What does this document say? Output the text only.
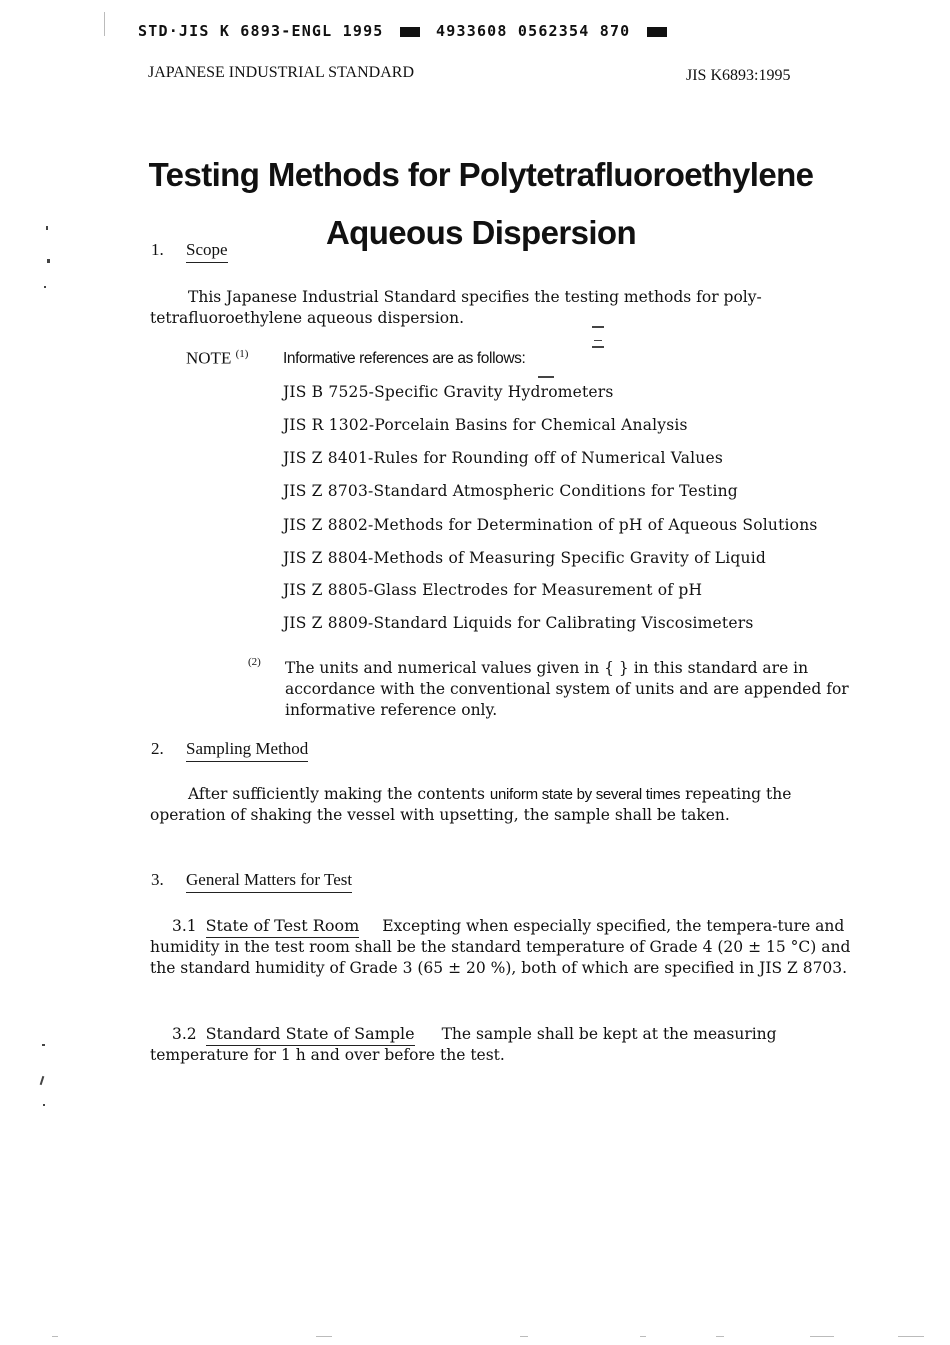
STD·JIS K 6893-ENGL 1995	4933608 0562354 870
JAPANESE INDUSTRIAL STANDARD	JIS K6893:1995
Testing Methods for Polytetrafluoroethylene
Aqueous Dispersion
1. Scope
This Japanese Industrial Standard specifies the testing methods for poly-tetrafluoroethylene aqueous dispersion.
NOTE $^{(1)}$ Informative references are as follows:
JIS B 7525-Specific Gravity Hydrometers
JIS R 1302-Porcelain Basins for Chemical Analysis
JIS Z 8401-Rules for Rounding off of Numerical Values
JIS Z 8703-Standard Atmospheric Conditions for Testing
JIS Z 8802-Methods for Determination of pH of Aqueous Solutions
JIS Z 8804-Methods of Measuring Specific Gravity of Liquid
JIS Z 8805-Glass Electrodes for Measurement of pH
JIS Z 8809-Standard Liquids for Calibrating Viscosimeters
$^{(2)}$ The units and numerical values given in { } in this standard are in accordance with the conventional system of units and are appended for informative reference only.
2. Sampling Method
After sufficiently making the contents uniform state by several times repeating the operation of shaking the vessel with upsetting, the sample shall be taken.
3. General Matters for Test
3.1 State of Test Room Excepting when especially specified, the tempera-ture and humidity in the test room shall be the standard temperature of Grade 4 (20 ± 15 °C) and the standard humidity of Grade 3 (65 ± 20 %), both of which are specified in JIS Z 8703.
3.2 Standard State of Sample The sample shall be kept at the measuring temperature for 1 h and over before the test.
